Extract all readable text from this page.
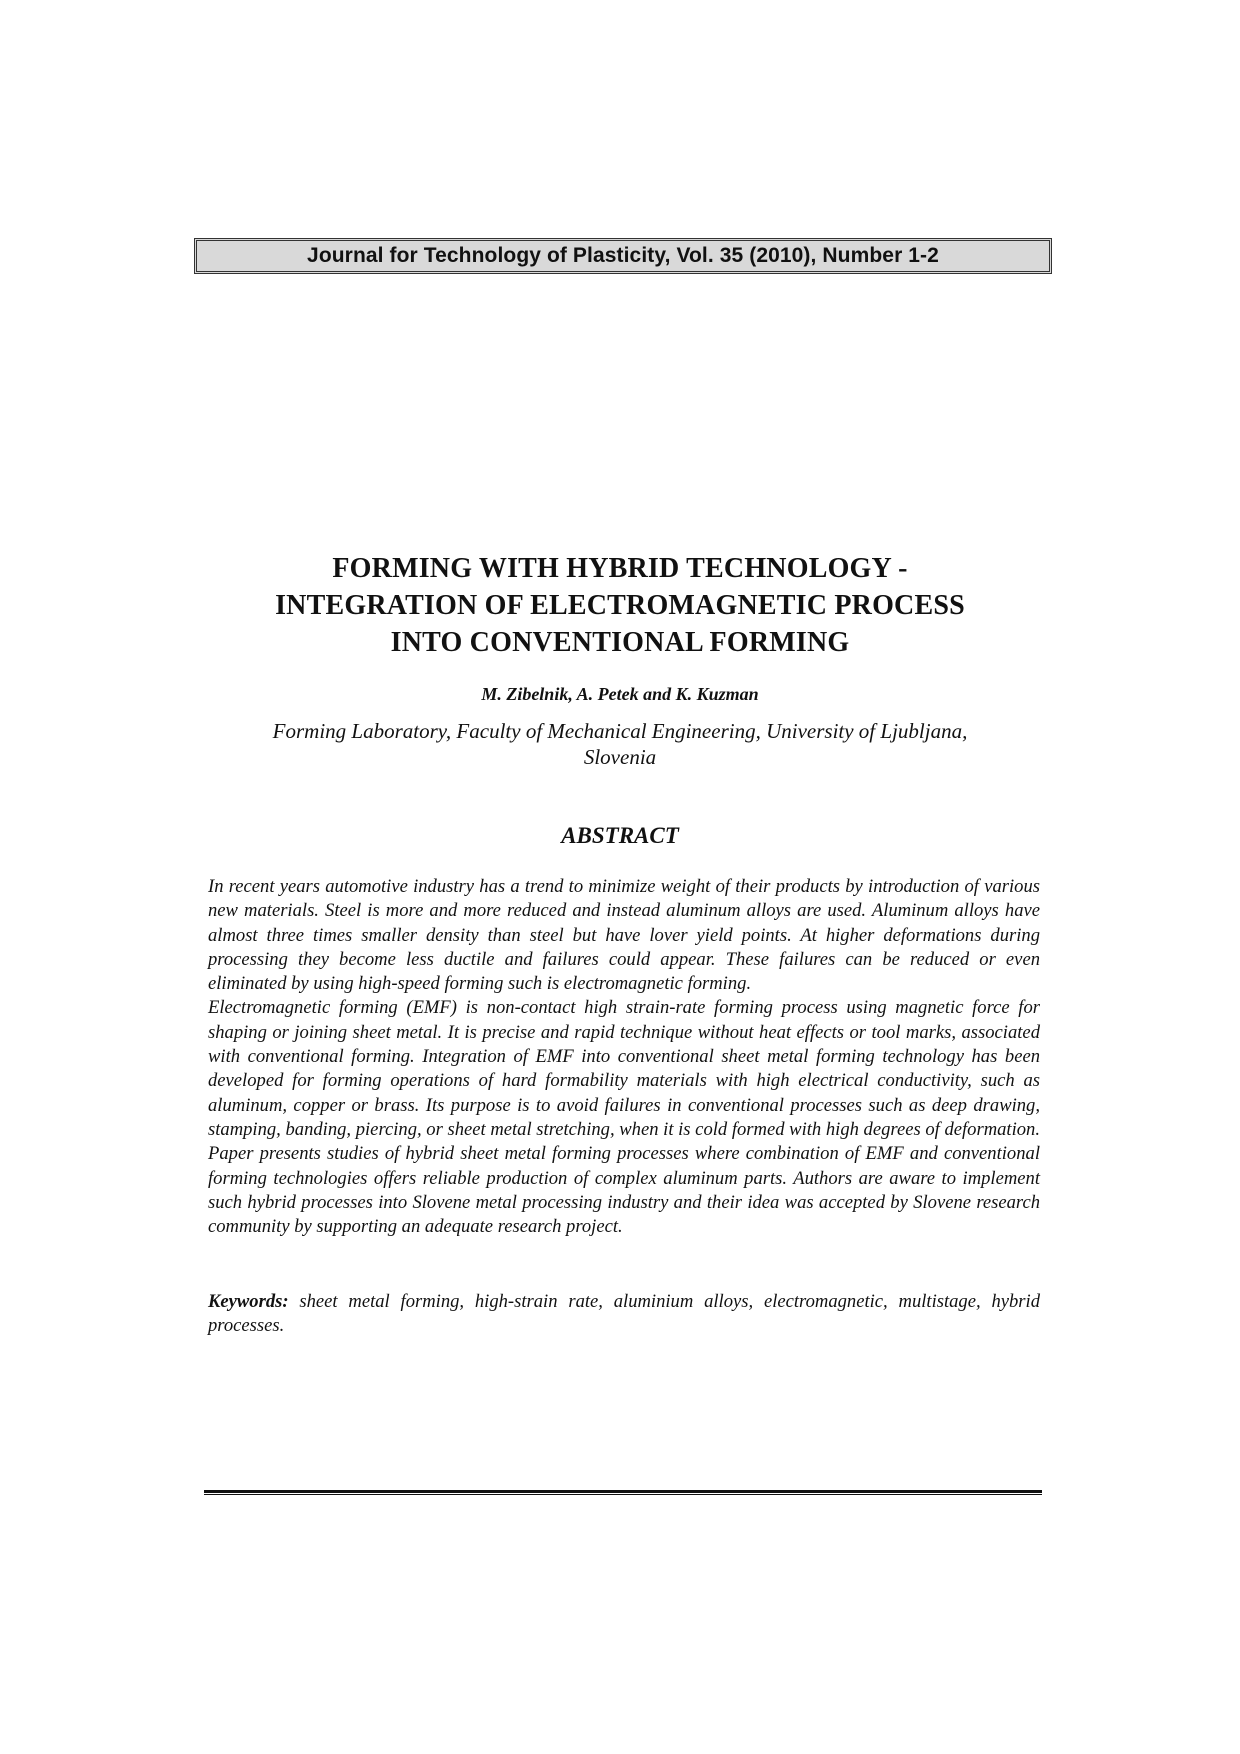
Journal for Technology of Plasticity, Vol. 35 (2010), Number 1-2
FORMING WITH HYBRID TECHNOLOGY -
INTEGRATION OF ELECTROMAGNETIC PROCESS
INTO CONVENTIONAL FORMING
M. Zibelnik, A. Petek and K. Kuzman
Forming Laboratory, Faculty of Mechanical Engineering, University of Ljubljana,
Slovenia
ABSTRACT

In recent years automotive industry has a trend to minimize weight of their products by introduction of various new materials. Steel is more and more reduced and instead aluminum alloys are used. Aluminum alloys have almost three times smaller density than steel but have lover yield points. At higher deformations during processing they become less ductile and failures could appear. These failures can be reduced or even eliminated by using high-speed forming such is electromagnetic forming.

Electromagnetic forming (EMF) is non-contact high strain-rate forming process using magnetic force for shaping or joining sheet metal. It is precise and rapid technique without heat effects or tool marks, associated with conventional forming. Integration of EMF into conventional sheet metal forming technology has been developed for forming operations of hard formability materials with high electrical conductivity, such as aluminum, copper or brass. Its purpose is to avoid failures in conventional processes such as deep drawing, stamping, banding, piercing, or sheet metal stretching, when it is cold formed with high degrees of deformation.

Paper presents studies of hybrid sheet metal forming processes where combination of EMF and conventional forming technologies offers reliable production of complex aluminum parts. Authors are aware to implement such hybrid processes into Slovene metal processing industry and their idea was accepted by Slovene research community by supporting an adequate research project.

Keywords: sheet metal forming, high-strain rate, aluminium alloys, electromagnetic, multistage, hybrid processes.
